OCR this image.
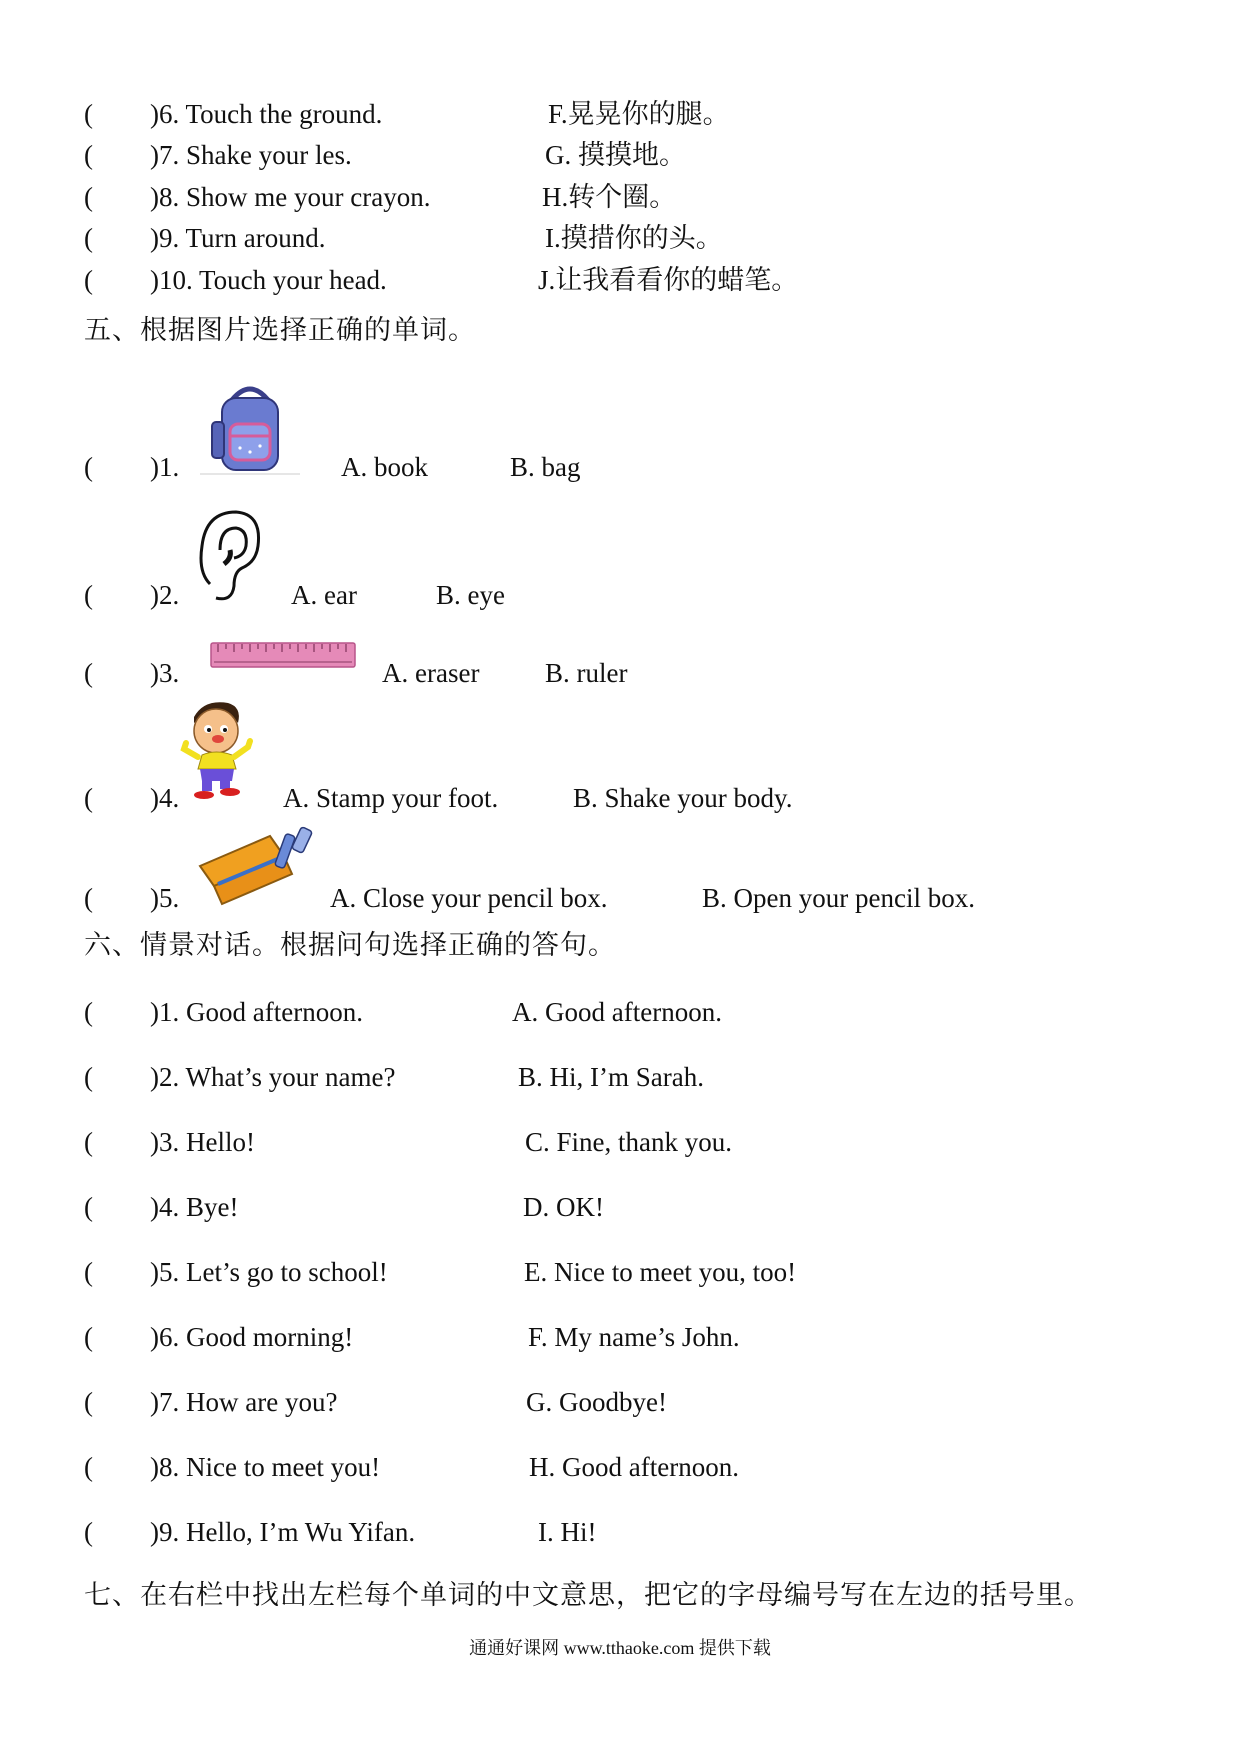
( )6. Touch the ground.	F.晃晃你的腿。
( )7. Shake your les.	G. 摸摸地。
( )8. Show me your crayon.	H.转个圈。
( )9. Turn around.	I.摸措你的头。
( )10. Touch your head.	J.让我看看你的蜡笔。
五、根据图片选择正确的单词。
( )1.	A. book	B. bag
( )2.	A. ear	B. eye
( )3.	A. eraser B. ruler
( )4.	A. Stamp your foot.	B. Shake your body.
( )5.	A. Close your pencil box.	B. Open your pencil box.
六、情景对话。根据问句选择正确的答句。
( )1. Good afternoon.	A. Good afternoon.
( )2. What’s your name?	B. Hi, I’m Sarah.
( )3. Hello!	C. Fine, thank you.
( )4. Bye!	D. OK!
( )5. Let’s go to school!	E. Nice to meet you, too!
( )6. Good morning!	F. My name’s John.
( )7. How are you?	G. Goodbye!
( )8. Nice to meet you!	H. Good afternoon.
( )9. Hello, I’m Wu Yifan.	I. Hi!
七、在右栏中找出左栏每个单词的中文意思，把它的字母编号写在左边的括号里。
通通好课网 www.tthaoke.com 提供下载
